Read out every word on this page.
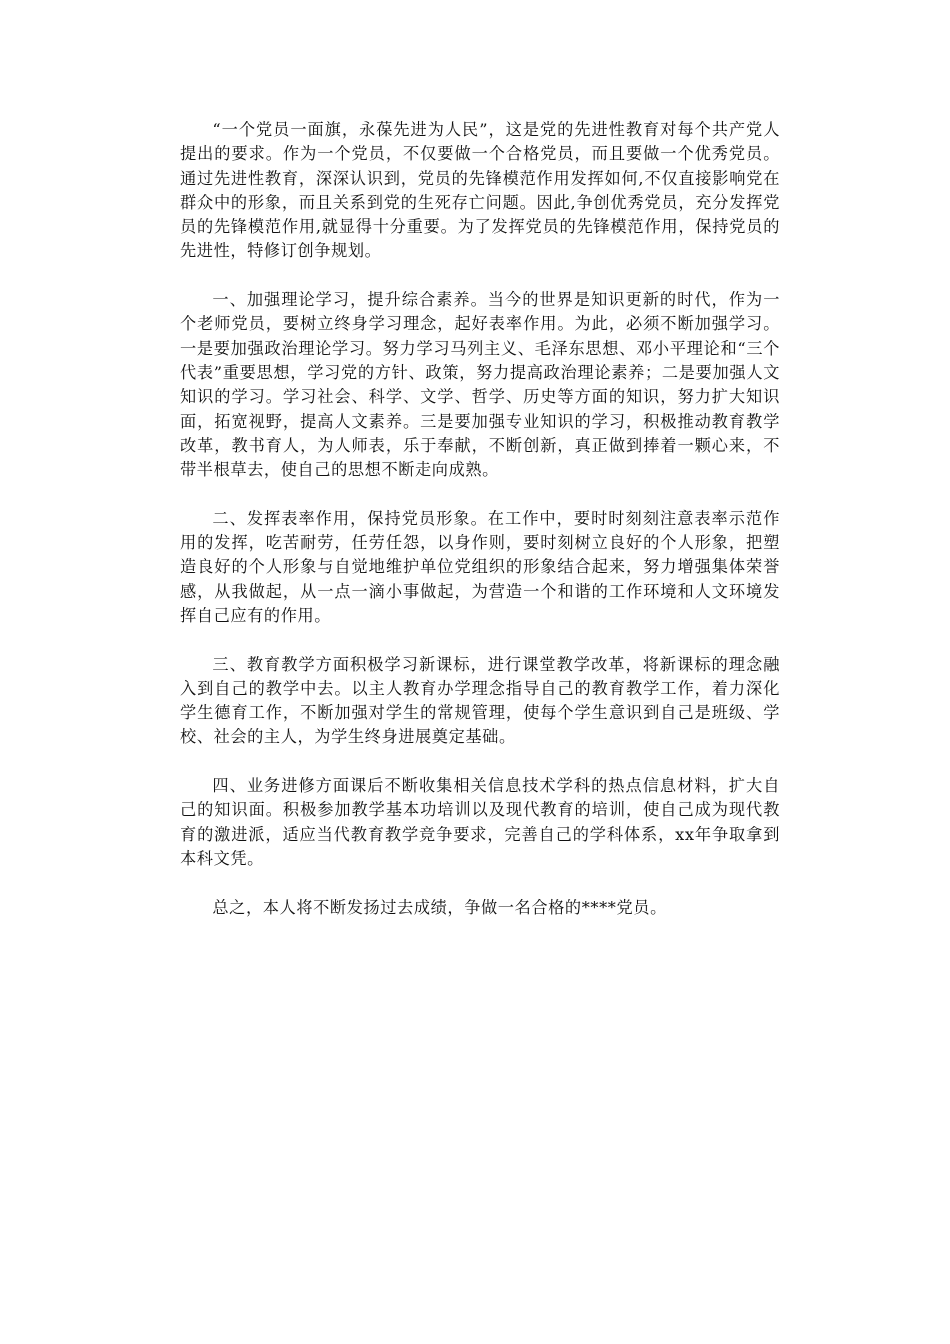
“一个党员一面旗，永葆先进为人民”，这是党的先进性教育对每个共产党人提出的要求。作为一个党员，不仅要做一个合格党员，而且要做一个优秀党员。通过先进性教育，深深认识到，党员的先锋模范作用发挥如何,不仅直接影响党在群众中的形象，而且关系到党的生死存亡问题。因此,争创优秀党员，充分发挥党员的先锋模范作用,就显得十分重要。为了发挥党员的先锋模范作用，保持党员的先进性，特修订创争规划。

一、加强理论学习，提升综合素养。当今的世界是知识更新的时代，作为一个老师党员，要树立终身学习理念，起好表率作用。为此，必须不断加强学习。一是要加强政治理论学习。努力学习马列主义、毛泽东思想、邓小平理论和“三个代表”重要思想，学习党的方针、政策，努力提高政治理论素养；二是要加强人文知识的学习。学习社会、科学、文学、哲学、历史等方面的知识，努力扩大知识面，拓宽视野，提高人文素养。三是要加强专业知识的学习，积极推动教育教学改革，教书育人，为人师表，乐于奉献，不断创新，真正做到捧着一颗心来，不带半根草去，使自己的思想不断走向成熟。

二、发挥表率作用，保持党员形象。在工作中，要时时刻刻注意表率示范作用的发挥，吃苦耐劳，任劳任怨，以身作则，要时刻树立良好的个人形象，把塑造良好的个人形象与自觉地维护单位党组织的形象结合起来，努力增强集体荣誉感，从我做起，从一点一滴小事做起，为营造一个和谐的工作环境和人文环境发挥自己应有的作用。

三、教育教学方面积极学习新课标，进行课堂教学改革，将新课标的理念融入到自己的教学中去。以主人教育办学理念指导自己的教育教学工作，着力深化学生德育工作，不断加强对学生的常规管理，使每个学生意识到自己是班级、学校、社会的主人，为学生终身进展奠定基础。

四、业务进修方面课后不断收集相关信息技术学科的热点信息材料，扩大自己的知识面。积极参加教学基本功培训以及现代教育的培训，使自己成为现代教育的激进派，适应当代教育教学竞争要求，完善自己的学科体系，xx年争取拿到本科文凭。

总之，本人将不断发扬过去成绩，争做一名合格的****党员。
